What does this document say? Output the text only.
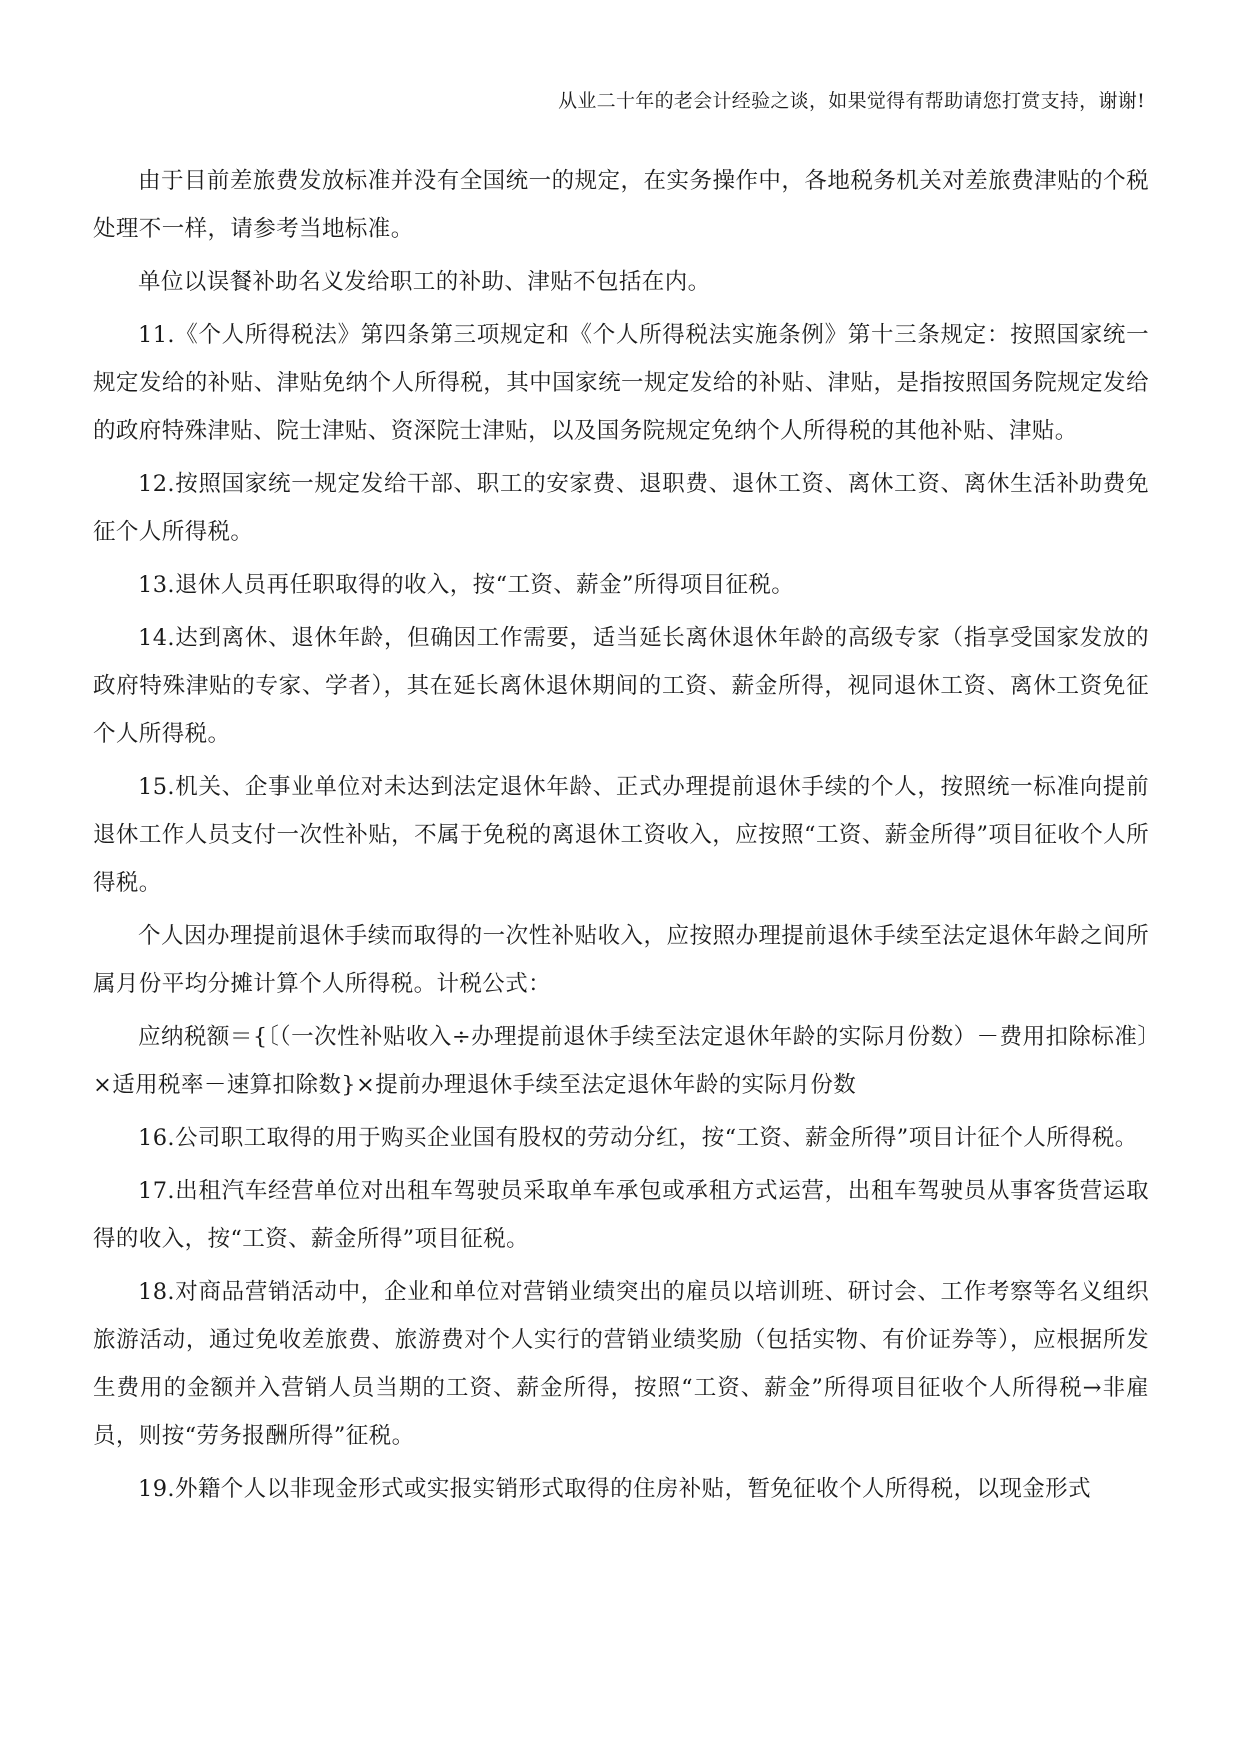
从业二十年的老会计经验之谈，如果觉得有帮助请您打赏支持，谢谢!

由于目前差旅费发放标准并没有全国统一的规定，在实务操作中，各地税务机关对差旅费津贴的个税处理不一样，请参考当地标准。

单位以误餐补助名义发给职工的补助、津贴不包括在内。

11.《个人所得税法》第四条第三项规定和《个人所得税法实施条例》第十三条规定：按照国家统一规定发给的补贴、津贴免纳个人所得税，其中国家统一规定发给的补贴、津贴，是指按照国务院规定发给的政府特殊津贴、院士津贴、资深院士津贴，以及国务院规定免纳个人所得税的其他补贴、津贴。

12.按照国家统一规定发给干部、职工的安家费、退职费、退休工资、离休工资、离休生活补助费免征个人所得税。

13.退休人员再任职取得的收入，按“工资、薪金”所得项目征税。

14.达到离休、退休年龄，但确因工作需要，适当延长离休退休年龄的高级专家（指享受国家发放的政府特殊津贴的专家、学者），其在延长离休退休期间的工资、薪金所得，视同退休工资、离休工资免征个人所得税。

15.机关、企事业单位对未达到法定退休年龄、正式办理提前退休手续的个人，按照统一标准向提前退休工作人员支付一次性补贴，不属于免税的离退休工资收入，应按照“工资、薪金所得”项目征收个人所得税。

个人因办理提前退休手续而取得的一次性补贴收入，应按照办理提前退休手续至法定退休年龄之间所属月份平均分摊计算个人所得税。计税公式：

应纳税额＝{〔（一次性补贴收入÷办理提前退休手续至法定退休年龄的实际月份数）－费用扣除标准〕×适用税率－速算扣除数}×提前办理退休手续至法定退休年龄的实际月份数

16.公司职工取得的用于购买企业国有股权的劳动分红，按“工资、薪金所得”项目计征个人所得税。

17.出租汽车经营单位对出租车驾驶员采取单车承包或承租方式运营，出租车驾驶员从事客货营运取得的收入，按“工资、薪金所得”项目征税。

18.对商品营销活动中，企业和单位对营销业绩突出的雇员以培训班、研讨会、工作考察等名义组织旅游活动，通过免收差旅费、旅游费对个人实行的营销业绩奖励（包括实物、有价证券等），应根据所发生费用的金额并入营销人员当期的工资、薪金所得，按照“工资、薪金”所得项目征收个人所得税→非雇员，则按“劳务报酬所得”征税。

19.外籍个人以非现金形式或实报实销形式取得的住房补贴，暂免征收个人所得税，以现金形式
